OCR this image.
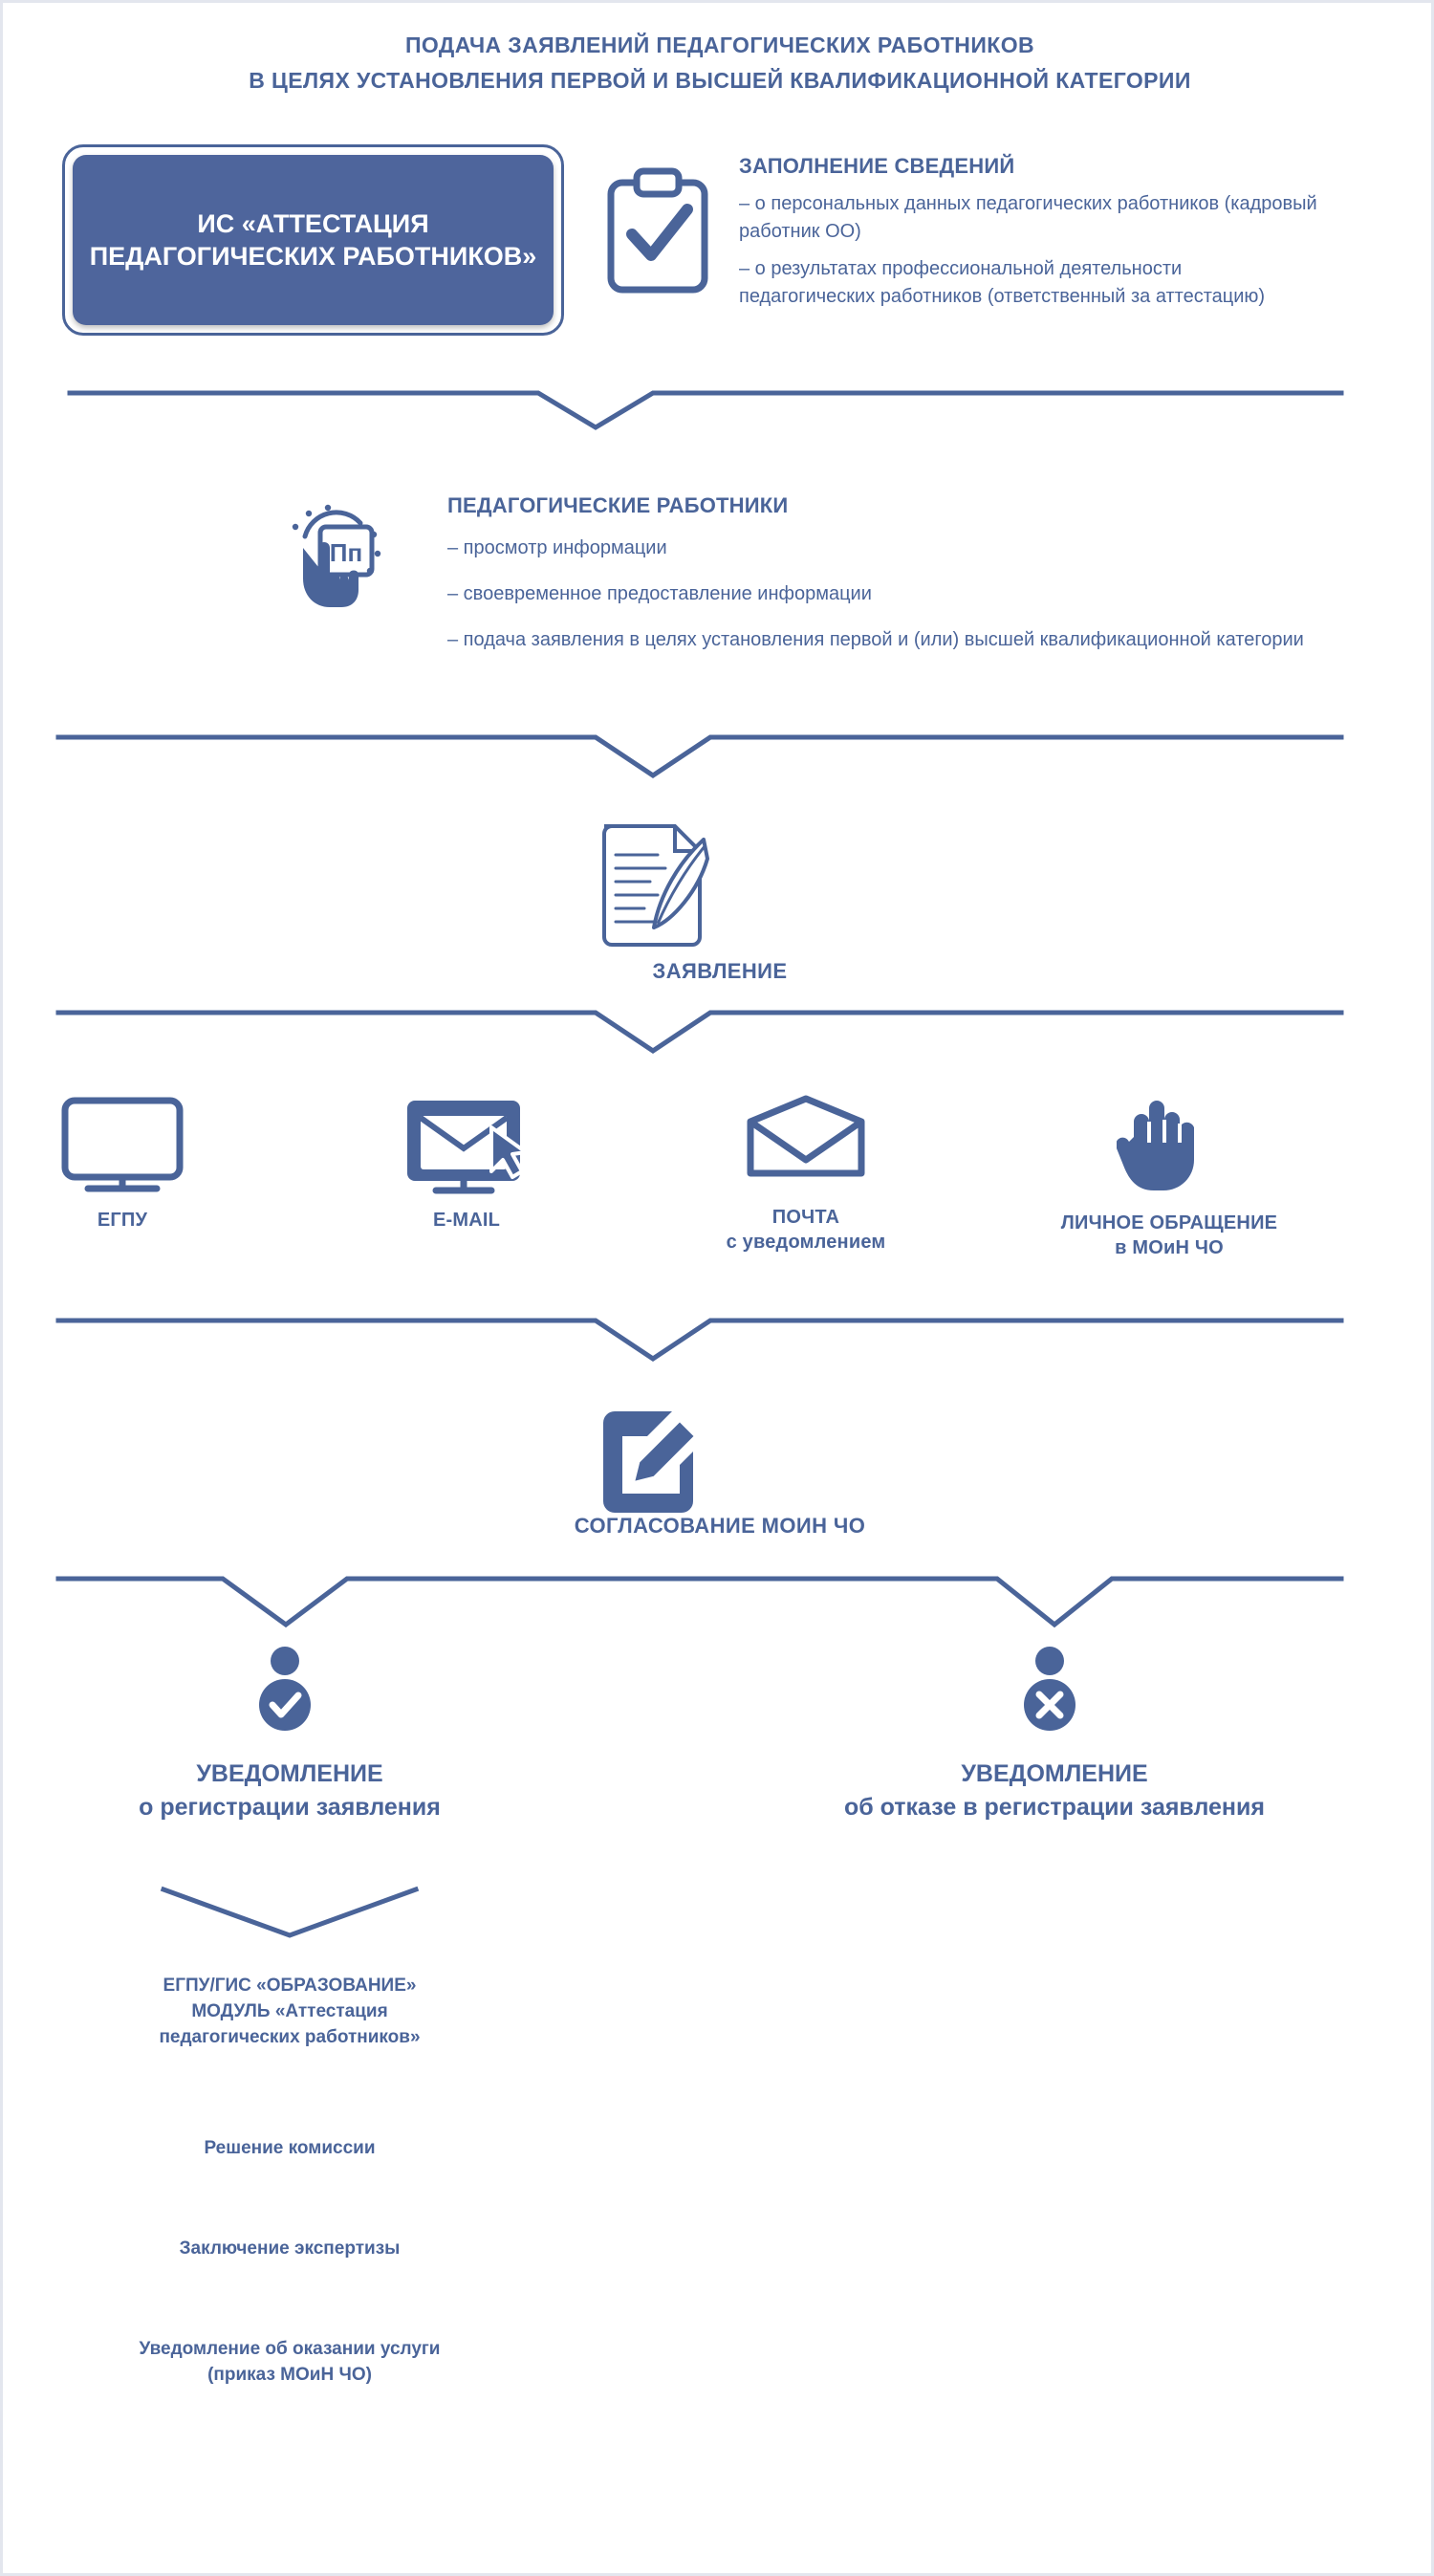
ПОДАЧА ЗАЯВЛЕНИЙ ПЕДАГОГИЧЕСКИХ РАБОТНИКОВ
В ЦЕЛЯХ УСТАНОВЛЕНИЯ ПЕРВОЙ И ВЫСШЕЙ КВАЛИФИКАЦИОННОЙ КАТЕГОРИИ
ИС «АТТЕСТАЦИЯ ПЕДАГОГИЧЕСКИХ РАБОТНИКОВ»
ЗАПОЛНЕНИЕ СВЕДЕНИЙ
– о персональных данных педагогических работников (кадровый работник ОО)
– о результатах профессиональной деятельности педагогических работников (ответственный за аттестацию)
Пп
ПЕДАГОГИЧЕСКИЕ РАБОТНИКИ
– просмотр информации
– своевременное предоставление информации
– подача заявления в целях установления первой и (или) высшей квалификационной категории
ЗАЯВЛЕНИЕ
ЕГПУ	E-MAIL	ПОЧТА
с уведомлением
ЛИЧНОЕ ОБРАЩЕНИЕ
в МОиН ЧО
СОГЛАСОВАНИЕ МОИН ЧО
УВЕДОМЛЕНИЕ
о регистрации заявления
УВЕДОМЛЕНИЕ
об отказе в регистрации заявления
ЕГПУ/ГИС «ОБРАЗОВАНИЕ»
МОДУЛЬ «Аттестация
педагогических работников»
Решение комиссии
Заключение экспертизы
Уведомление об оказании услуги
(приказ МОиН ЧО)
